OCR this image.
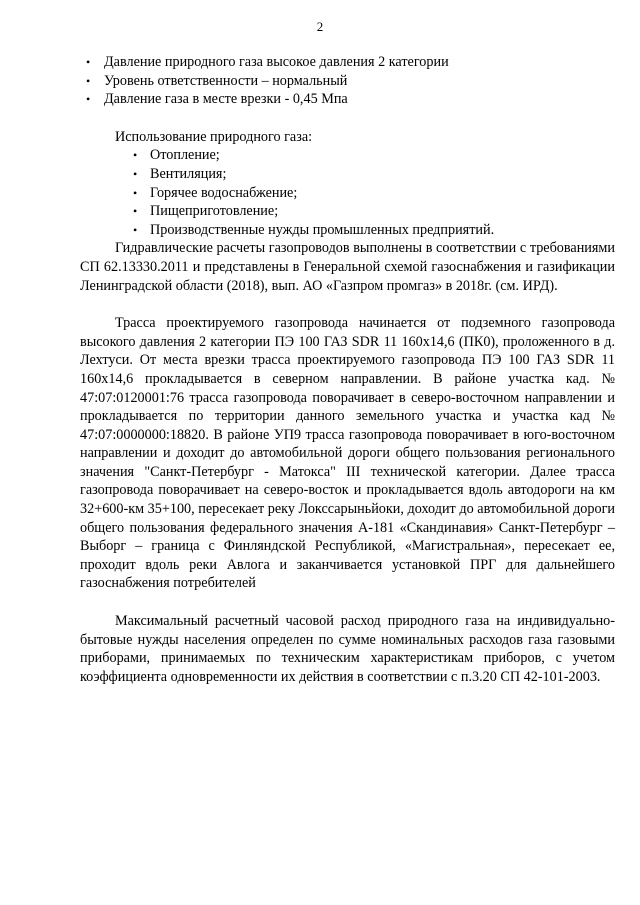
2
• Давление природного газа высокое давления 2 категории
• Уровень ответственности – нормальный
• Давление газа в месте врезки - 0,45 Мпа
Использование природного газа:
• Отопление;
• Вентиляция;
• Горячее водоснабжение;
• Пищеприготовление;
• Производственные нужды промышленных предприятий.

Гидравлические расчеты газопроводов выполнены в соответствии с требованиями СП 62.13330.2011 и представлены в Генеральной схемой газоснабжения и газификации Ленинградской области (2018), вып. АО «Газпром промгаз» в 2018г. (см. ИРД).

Трасса проектируемого газопровода начинается от подземного газопровода высокого давления 2 категории ПЭ 100 ГАЗ SDR 11 160х14,6 (ПК0), проложенного в д. Лехтуси. От места врезки трасса проектируемого газопровода ПЭ 100 ГАЗ SDR 11 160х14,6 прокладывается в северном направлении. В районе участка кад. № 47:07:0120001:76 трасса газопровода поворачивает в северо-восточном направлении и прокладывается по территории данного земельного участка и участка кад № 47:07:0000000:18820. В районе УП9 трасса газопровода поворачивает в юго-восточном направлении и доходит до автомобильной дороги общего пользования регионального значения "Санкт-Петербург - Матокса" III технической категории. Далее трасса газопровода поворачивает на северо-восток и прокладывается вдоль автодороги на км 32+600-км 35+100, пересекает реку Локссарыньйоки, доходит до автомобильной дороги общего пользования федерального значения А-181 «Скандинавия» Санкт-Петербург – Выборг – граница с Финляндской Республикой, «Магистральная», пересекает ее, проходит вдоль реки Авлога и заканчивается установкой ПРГ для дальнейшего газоснабжения потребителей

Максимальный расчетный часовой расход природного газа на индивидуально-бытовые нужды населения определен по сумме номинальных расходов газа газовыми приборами, принимаемых по техническим характеристикам приборов, с учетом коэффициента одновременности их действия в соответствии с п.3.20 СП 42-101-2003.
